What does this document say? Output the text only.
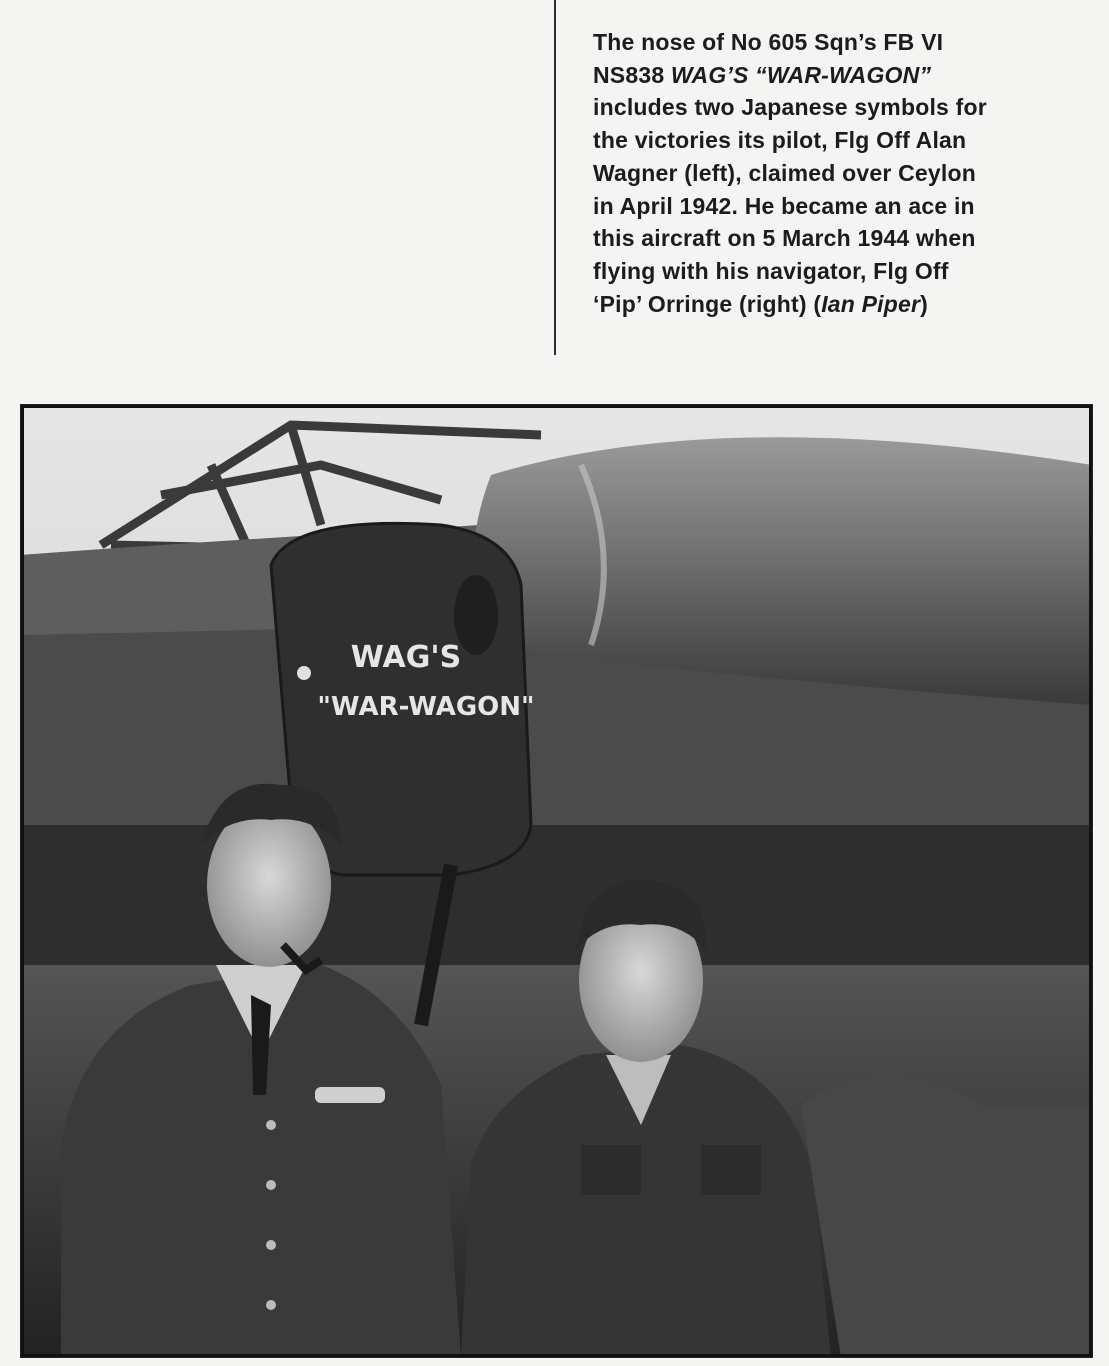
The nose of No 605 Sqn’s FB VI
NS838 WAG’S “WAR-WAGON”
includes two Japanese symbols for
the victories its pilot, Flg Off Alan
Wagner (left), claimed over Ceylon
in April 1942. He became an ace in
this aircraft on 5 March 1944 when
flying with his navigator, Flg Off
‘Pip’ Orringe (right) (Ian Piper)
WAG'S
"WAR-WAGON"
